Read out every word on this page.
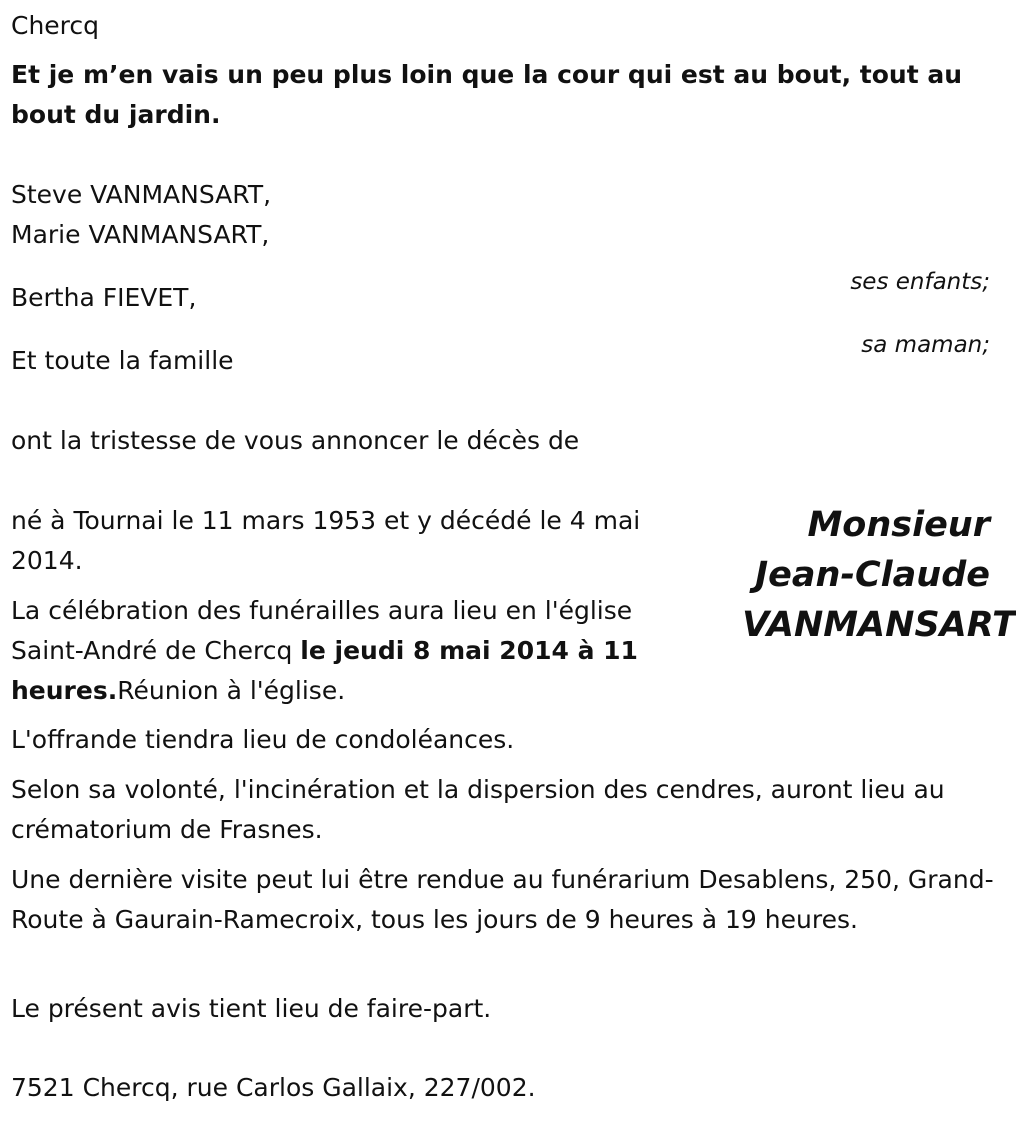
Chercq

Et je m’en vais un peu plus loin que la cour qui est au bout, tout au bout du jardin.

Steve VANMANSART,

Marie VANMANSART,

ses enfants;

Bertha FIEVET,

sa maman;

Et toute la famille

ont la tristesse de vous annoncer le décès de

Monsieur
Jean-Claude
VANMANSART

né à Tournai le 11 mars 1953 et y décédé le 4 mai 2014.

La célébration des funérailles aura lieu en l'église Saint-André de Chercq le jeudi 8 mai 2014 à 11 heures.Réunion à l'église.

L'offrande tiendra lieu de condoléances.

Selon sa volonté, l'incinération et la dispersion des cendres, auront lieu au crématorium de Frasnes.

Une dernière visite peut lui être rendue au funérarium Desablens, 250, Grand-Route à Gaurain-Ramecroix, tous les jours de 9 heures à 19 heures.

Le présent avis tient lieu de faire-part.

7521 Chercq, rue Carlos Gallaix, 227/002.
